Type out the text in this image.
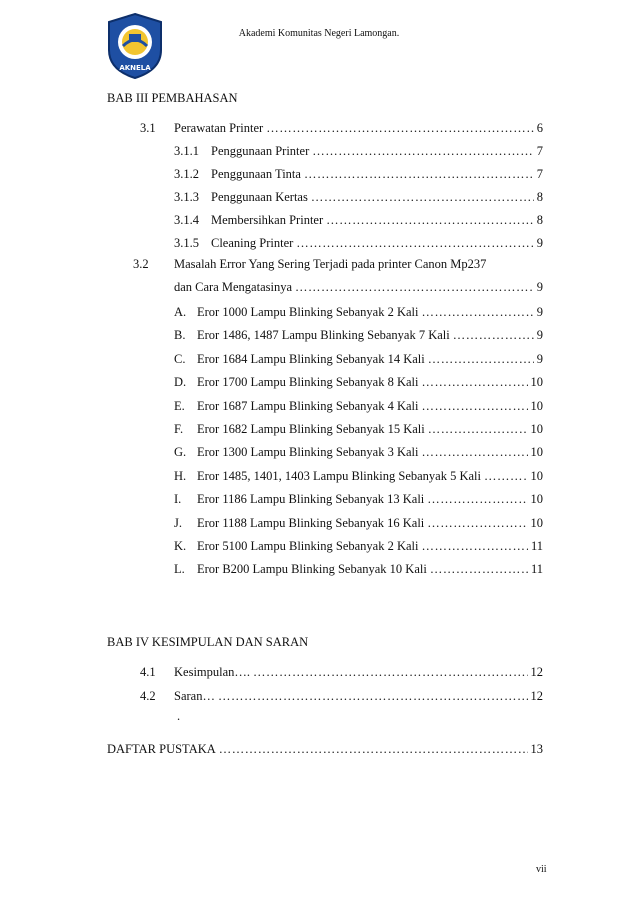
AKNELA
Akademi Komunitas Negeri Lamongan.
BAB III PEMBAHASAN
3.1 Perawatan Printer …………………………………………………………………………………………………………………………………………………………	6
3.1.1 Penggunaan Printer …………………………………………………………………………………………………………………………………………………………	7
3.1.2 Penggunaan Tinta …………………………………………………………………………………………………………………………………………………………	7
3.1.3 Penggunaan Kertas …………………………………………………………………………………………………………………………………………………………	8
3.1.4 Membersihkan Printer …………………………………………………………………………………………………………………………………………………………	8
3.1.5 Cleaning Printer …………………………………………………………………………………………………………………………………………………………	9
3.2 Masalah Error Yang Sering Terjadi pada printer Canon Mp237
dan Cara Mengatasinya …………………………………………………………………………………………………………………………………………………………	9
A. Eror 1000 Lampu Blinking Sebanyak 2 Kali …………………………………………………………………………………………………………………………………………………………	9
B. Eror 1486, 1487 Lampu Blinking Sebanyak 7 Kali …………………………………………………………………………………………………………………………………………………………	9
C. Eror 1684 Lampu Blinking Sebanyak 14 Kali …………………………………………………………………………………………………………………………………………………………	9
D. Eror 1700 Lampu Blinking Sebanyak 8 Kali …………………………………………………………………………………………………………………………………………………………	10
E. Eror 1687 Lampu Blinking Sebanyak 4 Kali …………………………………………………………………………………………………………………………………………………………	10
F. Eror 1682 Lampu Blinking Sebanyak 15 Kali …………………………………………………………………………………………………………………………………………………………	10
G. Eror 1300 Lampu Blinking Sebanyak 3 Kali …………………………………………………………………………………………………………………………………………………………	10
H. Eror 1485, 1401, 1403 Lampu Blinking Sebanyak 5 Kali …………………………………………………………………………………………………………………………………………………………	10
I. Eror 1186 Lampu Blinking Sebanyak 13 Kali …………………………………………………………………………………………………………………………………………………………	10
J. Eror 1188 Lampu Blinking Sebanyak 16 Kali …………………………………………………………………………………………………………………………………………………………	10
K. Eror 5100 Lampu Blinking Sebanyak 2 Kali …………………………………………………………………………………………………………………………………………………………	11
L. Eror B200 Lampu Blinking Sebanyak 10 Kali …………………………………………………………………………………………………………………………………………………………	11
BAB IV KESIMPULAN DAN SARAN
4.1 Kesimpulan…. …………………………………………………………………………………………………………………………………………………………	12
4.2 Saran… …………………………………………………………………………………………………………………………………………………………	12
.
DAFTAR PUSTAKA …………………………………………………………………………………………………………………………………………………………	13
vii
